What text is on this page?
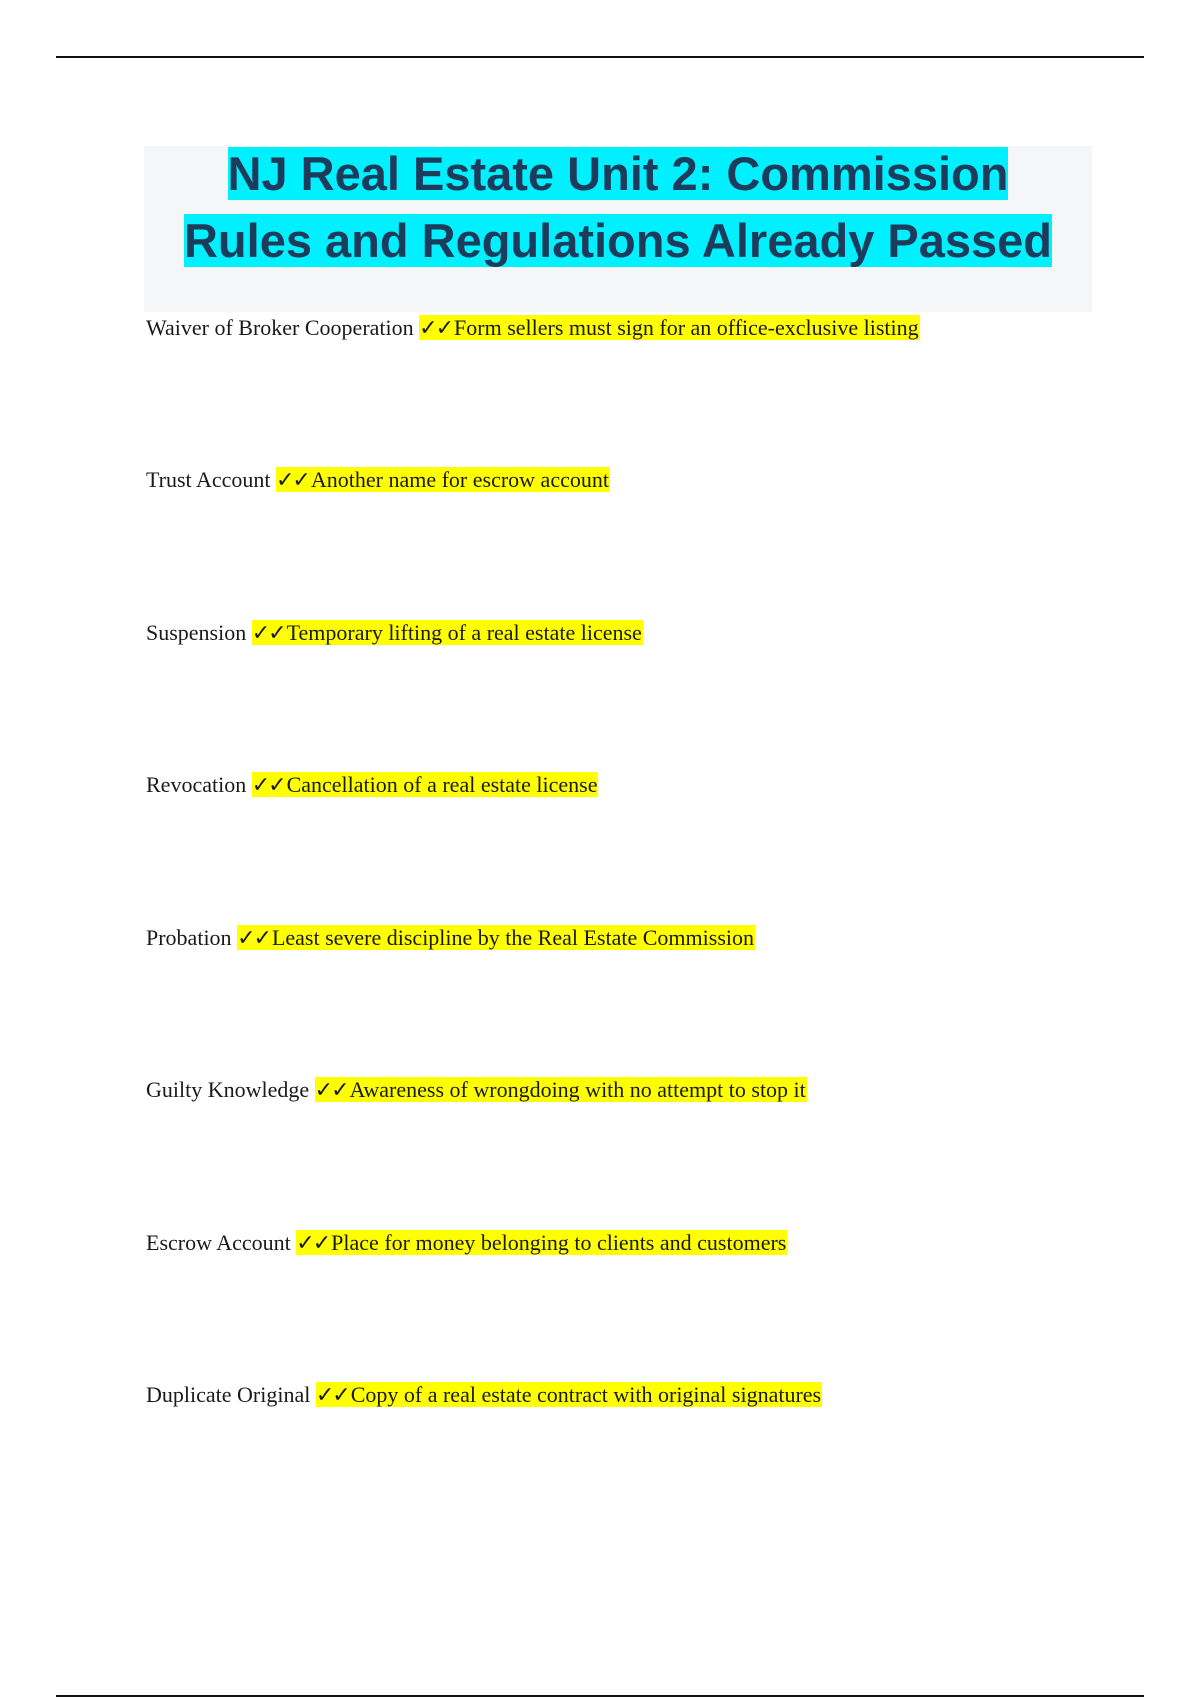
NJ Real Estate Unit 2: Commission Rules and Regulations Already Passed
Waiver of Broker Cooperation ✓✓Form sellers must sign for an office-exclusive listing
Trust Account ✓✓Another name for escrow account
Suspension ✓✓Temporary lifting of a real estate license
Revocation ✓✓Cancellation of a real estate license
Probation ✓✓Least severe discipline by the Real Estate Commission
Guilty Knowledge ✓✓Awareness of wrongdoing with no attempt to stop it
Escrow Account ✓✓Place for money belonging to clients and customers
Duplicate Original ✓✓Copy of a real estate contract with original signatures
